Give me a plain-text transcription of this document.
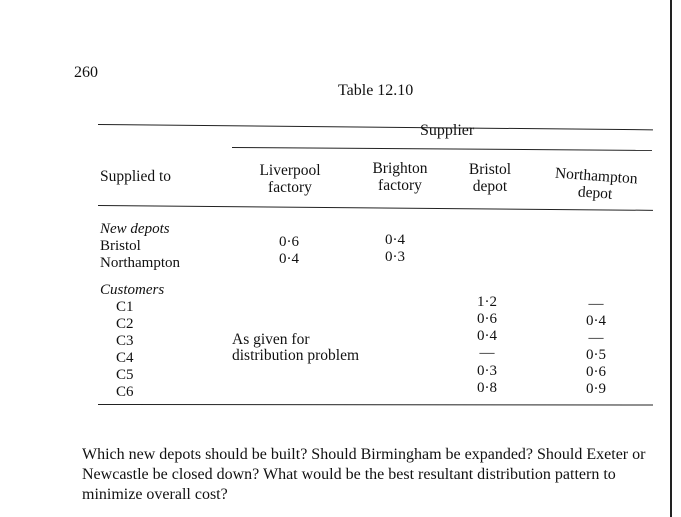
260
Table 12.10
Supplier
Supplied to	Liverpool
factory
Brighton
factory
Bristol
depot	Northampton
depot
New depots
Bristol
Northampton
0·6
0·4
0·4
0·3
Customers
C1
C2
C3
C4
C5
C6
As given for
distribution problem
1·2
0·6
0·4
—
0·3
0·8
—
0·4
—
0·5
0·6
0·9
Which new depots should be built? Should Birmingham be expanded? Should Exeter or Newcastle be closed down? What would be the best resultant distribution pattern to minimize overall cost?
